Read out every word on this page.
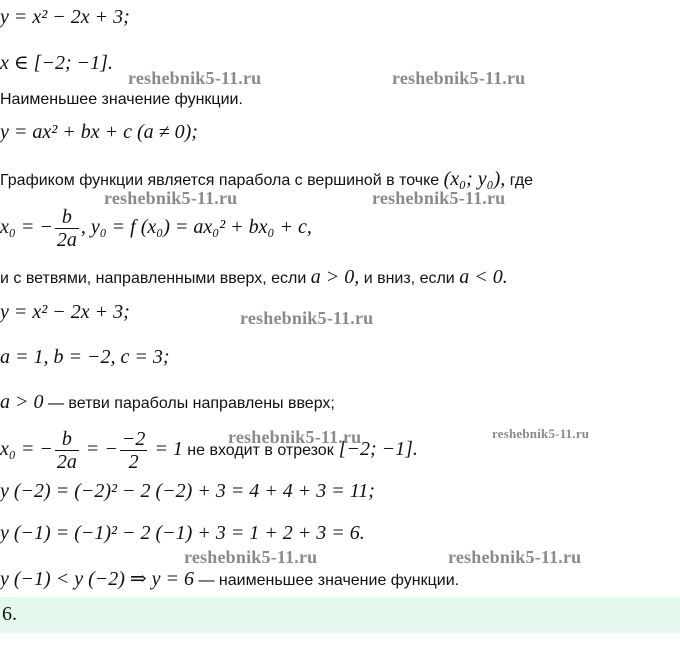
y = x² − 2x + 3;
x ∈ [−2; −1].
Наименьшее значение функции.
y = ax² + bx + c (a ≠ 0);
Графиком функции является парабола с вершиной в точке (x₀; y₀), где
x₀ = − $\frac{b}{2a}$ , y₀ = f (x₀) = ax₀² + bx₀ + c,
и с ветвями, направленными вверх, если a > 0, и вниз, если a < 0.
y = x² − 2x + 3;
a = 1, b = −2, c = 3;
a > 0 — ветви параболы направлены вверх;
x₀ = − $\frac{b}{2a}$ = − $\frac{-2}{2} = 1$ не входит в отрезок [−2; −1].
y (−2) = (−2)² − 2 (−2) + 3 = 4 + 4 + 3 = 11;
y (−1) = (−1)² − 2 (−1) + 3 = 1 + 2 + 3 = 6.
y (−1) < y (−2) ⇒ y = 6 — наименьшее значение функции.
6.
reshebnik5-11.ru	reshebnik5-11.ru
reshebnik5-11.ru	reshebnik5-11.ru
reshebnik5-11.ru
reshebnik5-11.ru	reshebnik5-11.ru
reshebnik5-11.ru	reshebnik5-11.ru
